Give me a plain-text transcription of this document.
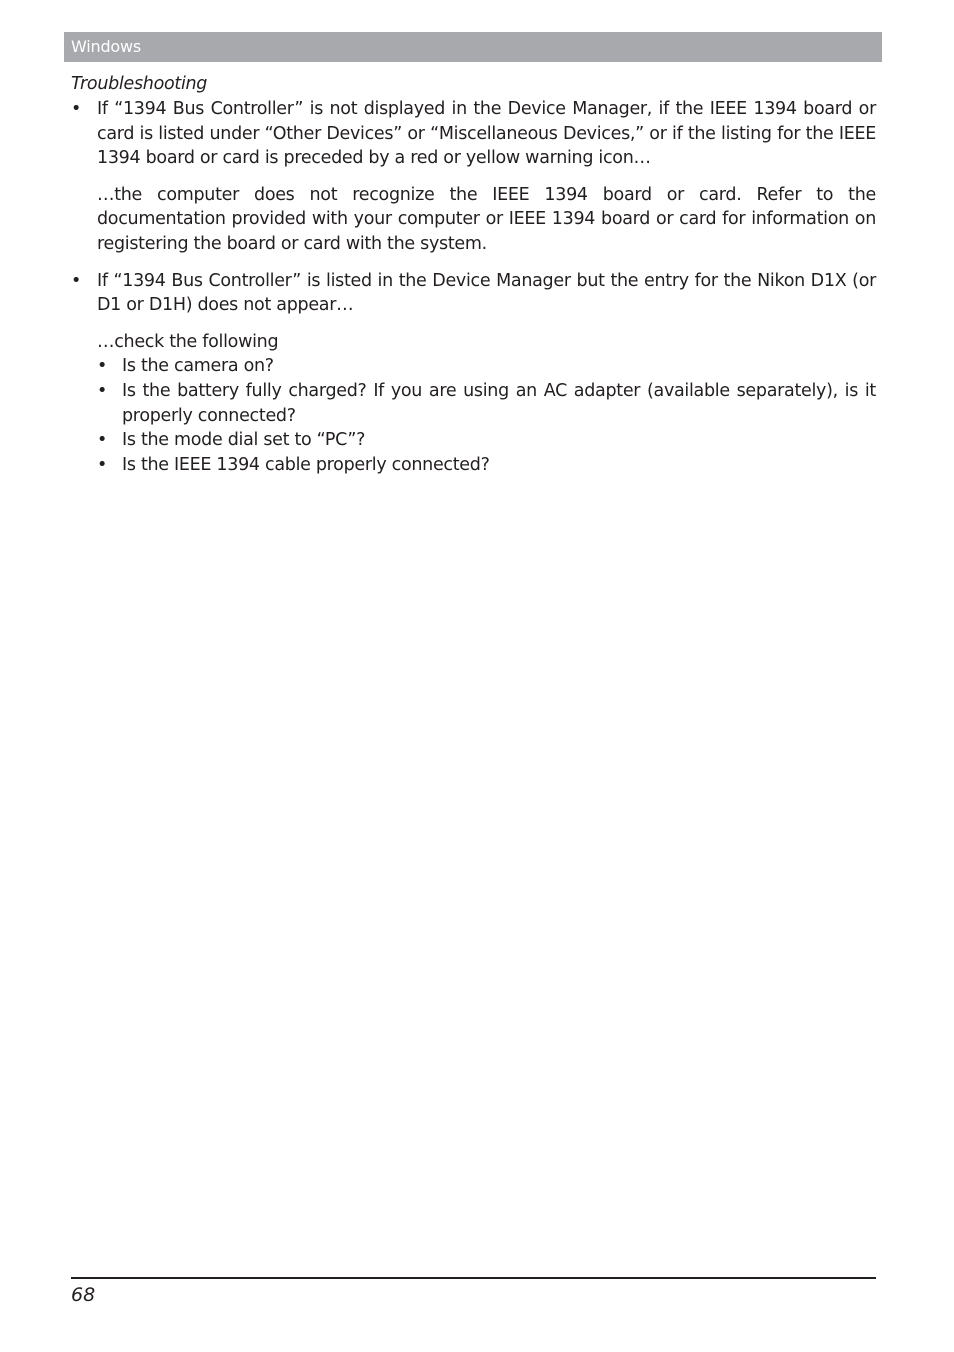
Windows
Troubleshooting
• If “1394 Bus Controller” is not displayed in the Device Manager, if the IEEE 1394 board or card is listed under “Other Devices” or “Miscellaneous Devices,” or if the listing for the IEEE 1394 board or card is preceded by a red or yellow warning icon…
…the computer does not recognize the IEEE 1394 board or card. Refer to the documentation provided with your computer or IEEE 1394 board or card for information on registering the board or card with the system.
• If “1394 Bus Controller” is listed in the Device Manager but the entry for the Nikon D1X (or D1 or D1H) does not appear…
…check the following
• Is the camera on?
• Is the battery fully charged? If you are using an AC adapter (available separately), is it properly connected?
• Is the mode dial set to “PC”?
• Is the IEEE 1394 cable properly connected?
68
